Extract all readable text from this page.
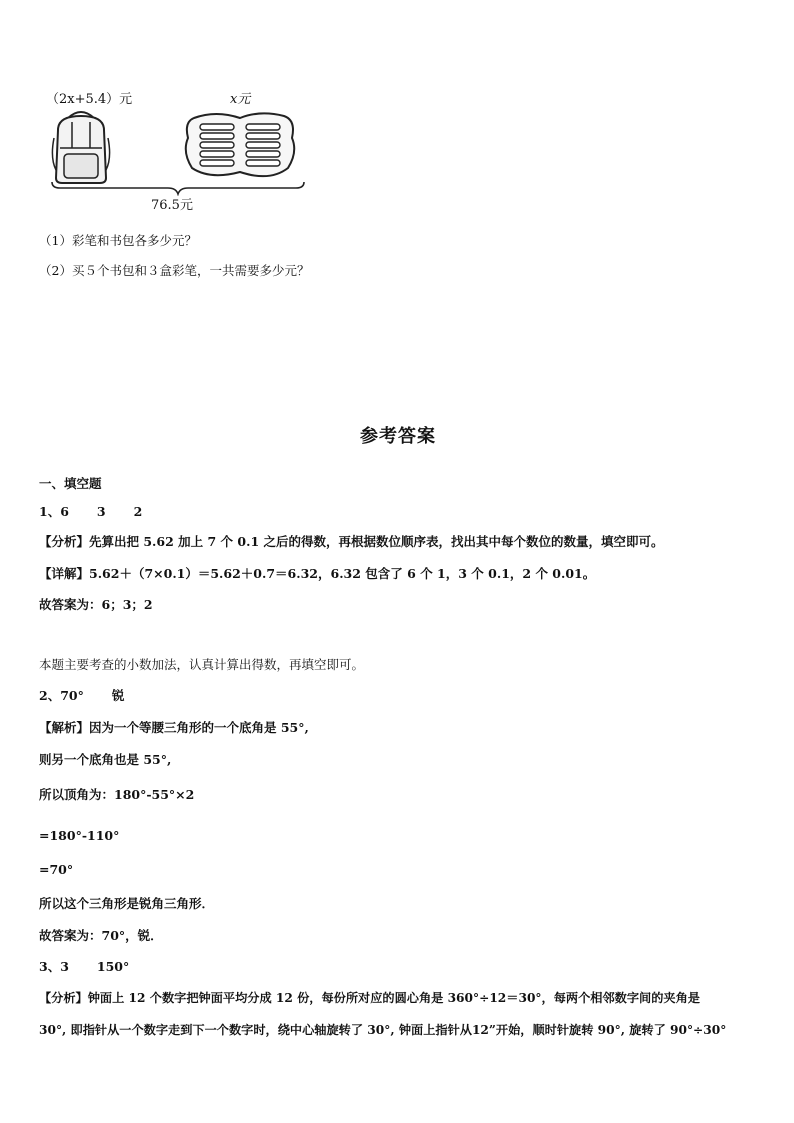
（2x+5.4）元	x元
76.5元
（1）彩笔和书包各多少元？
（2）买５个书包和３盒彩笔，一共需要多少元？
参考答案
一、填空题
1、6 3 2
【分析】先算出把 5.62 加上 7 个 0.1 之后的得数，再根据数位顺序表，找出其中每个数位的数量，填空即可。
【详解】5.62＋（7×0.1）＝5.62＋0.7＝6.32，6.32 包含了 6 个 1，3 个 0.1，2 个 0.01。
故答案为：6；3；2
本题主要考查的小数加法，认真计算出得数，再填空即可。
2、70° 锐
【解析】因为一个等腰三角形的一个底角是 55°,
则另一个底角也是 55°,
所以顶角为：180°-55°×2
=180°-110°
=70°
所以这个三角形是锐角三角形．
故答案为：70°，锐．
3、3 150°
【分析】钟面上 12 个数字把钟面平均分成 12 份，每份所对应的圆心角是 360°÷12＝30°，每两个相邻数字间的夹角是
30°, 即指针从一个数字走到下一个数字时，绕中心轴旋转了 30°, 钟面上指针从12”开始，顺时针旋转 90°, 旋转了 90°÷30°
